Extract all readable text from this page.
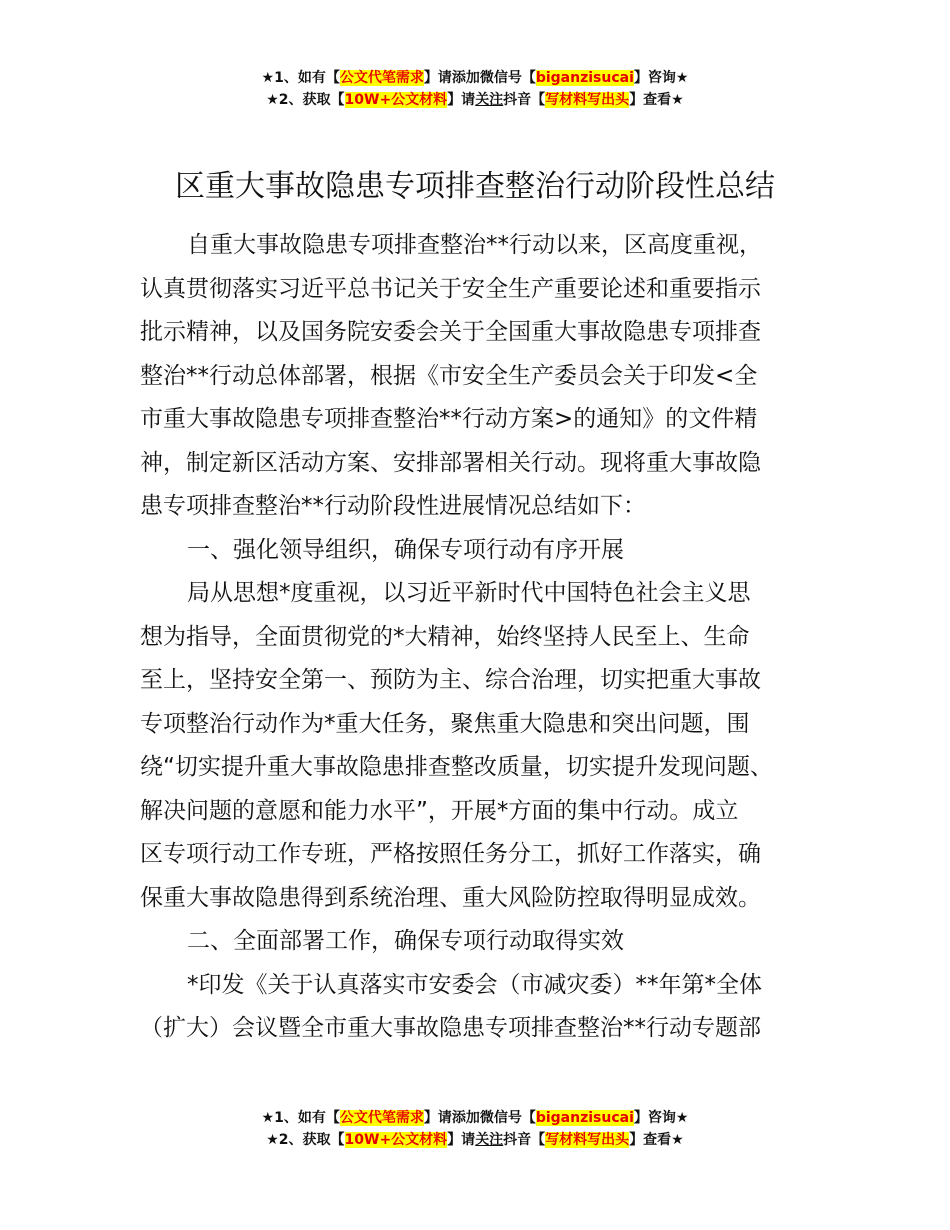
★1、如有【公文代笔需求】请添加微信号【biganzisucai】咨询★
★2、获取【10W+公文材料】请关注抖音【写材料写出头】查看★
区重大事故隐患专项排查整治行动阶段性总结
自重大事故隐患专项排查整治**行动以来，区高度重视，
认真贯彻落实习近平总书记关于安全生产重要论述和重要指示
批示精神，以及国务院安委会关于全国重大事故隐患专项排查
整治**行动总体部署，根据《市安全生产委员会关于印发<全
市重大事故隐患专项排查整治**行动方案>的通知》的文件精
神，制定新区活动方案、安排部署相关行动。现将重大事故隐
患专项排查整治**行动阶段性进展情况总结如下：
一、强化领导组织，确保专项行动有序开展
局从思想*度重视，以习近平新时代中国特色社会主义思
想为指导，全面贯彻党的*大精神，始终坚持人民至上、生命
至上，坚持安全第一、预防为主、综合治理，切实把重大事故
专项整治行动作为*重大任务，聚焦重大隐患和突出问题，围
绕“切实提升重大事故隐患排查整改质量，切实提升发现问题、
解决问题的意愿和能力水平”，开展*方面的集中行动。成立
区专项行动工作专班，严格按照任务分工，抓好工作落实，确
保重大事故隐患得到系统治理、重大风险防控取得明显成效。
二、全面部署工作，确保专项行动取得实效
*印发《关于认真落实市安委会（市减灾委）**年第*全体
（扩大）会议暨全市重大事故隐患专项排查整治**行动专题部
★1、如有【公文代笔需求】请添加微信号【biganzisucai】咨询★
★2、获取【10W+公文材料】请关注抖音【写材料写出头】查看★
